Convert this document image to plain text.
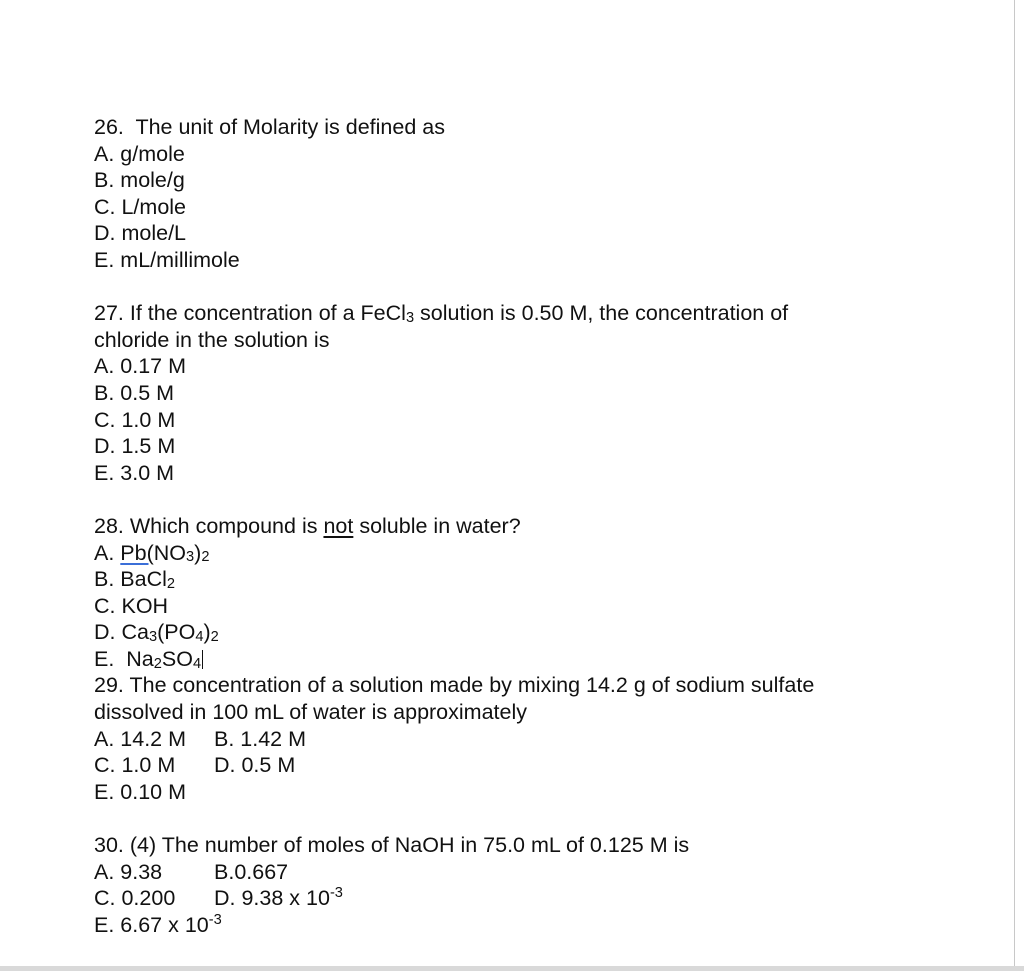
26.  The unit of Molarity is defined as
A. g/mole
B. mole/g
C. L/mole
D. mole/L
E. mL/millimole
27. If the concentration of a FeCl$_3$ solution is 0.50 M, the concentration of
chloride in the solution is
A. 0.17 M
B. 0.5 M
C. 1.0 M
D. 1.5 M
E. 3.0 M
28. Which compound is not soluble in water?
A. $Pb(NO_3)_2$
B. BaCl$_2$
C. KOH
D. $Ca_3(PO_4)_2$
E.  $Na_2SO_4$
29. The concentration of a solution made by mixing 14.2 g of sodium sulfate
dissolved in 100 mL of water is approximately
A. 14.2 M B. 1.42 M
C. 1.0 M D. 0.5 M
E. 0.10 M
30. (4) The number of moles of NaOH in 75.0 mL of 0.125 M is
A. 9.38 B.0.667
C. 0.200 D. 9.38 x $10^{-3}$
E. 6.67 x $10^{-3}$
